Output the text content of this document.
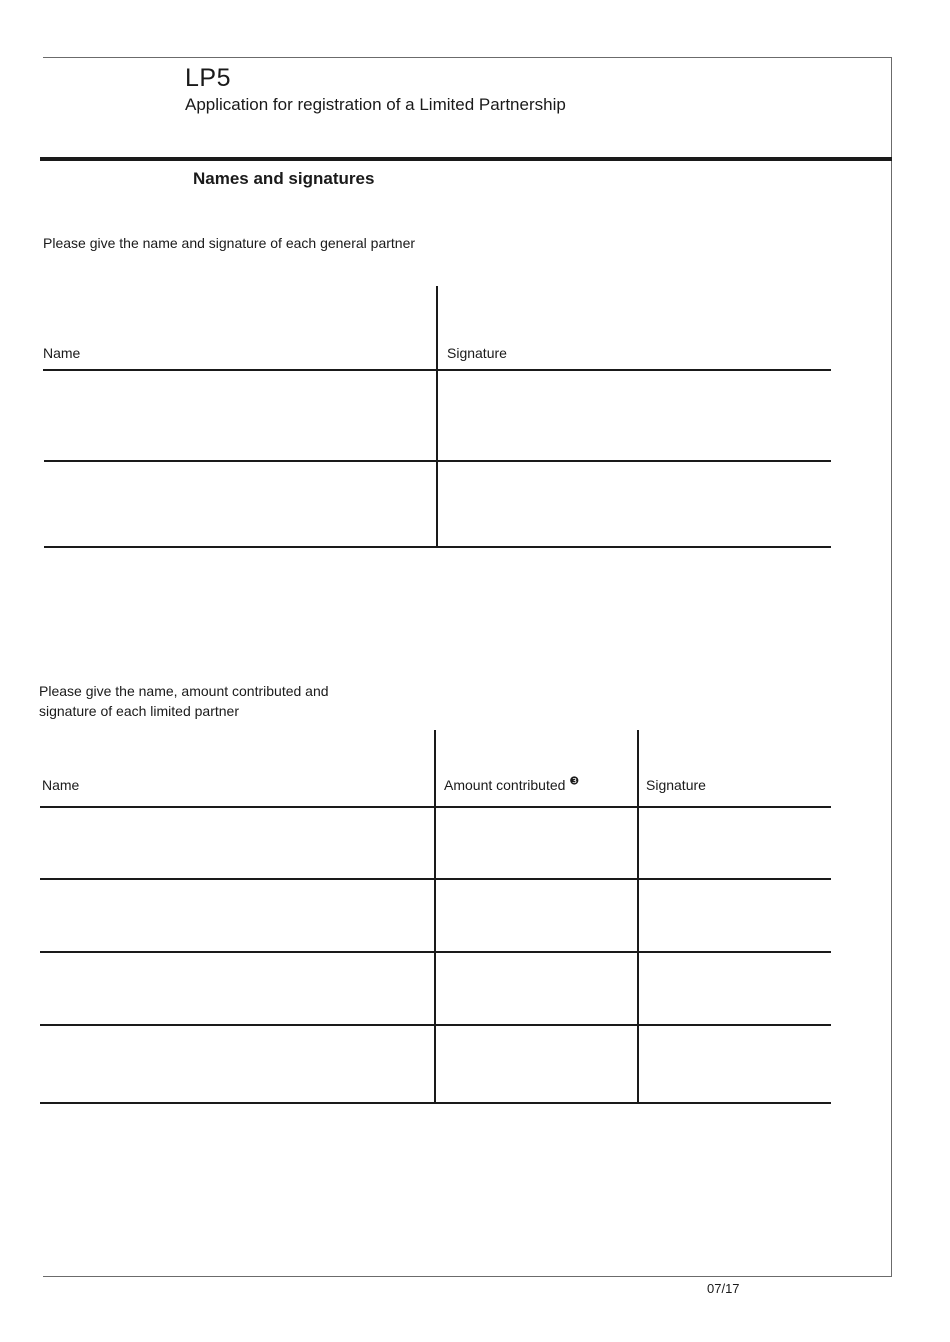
LP5
Application for registration of a Limited Partnership
Names and signatures
Please give the name and signature of each general partner
Name	Signature
Please give the name, amount contributed and
signature of each limited partner
Name	Amount contributed $^❸$	Signature
07/17
